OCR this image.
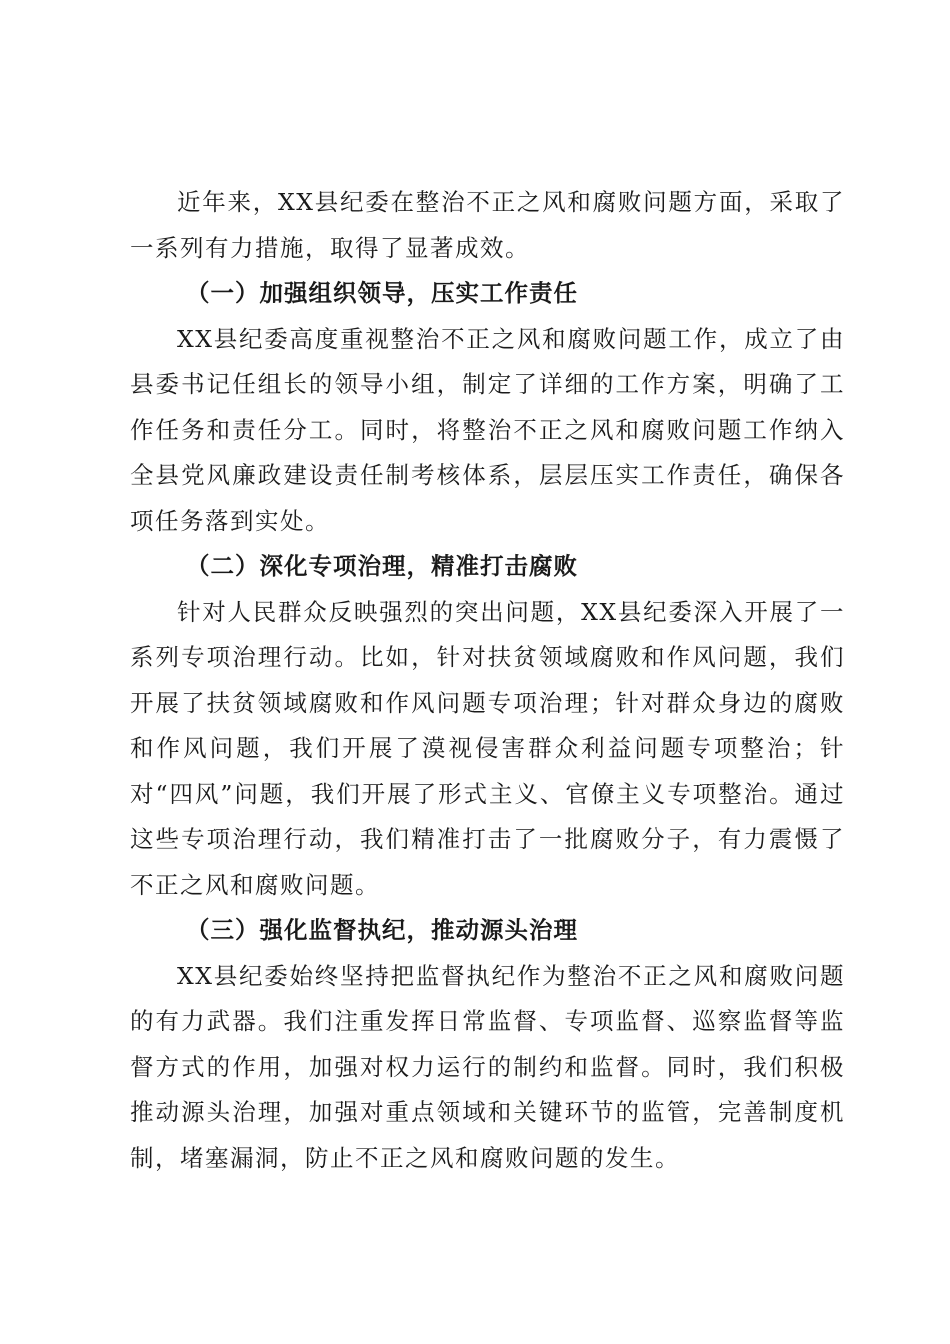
近年来，XX县纪委在整治不正之风和腐败问题方面，采取了一系列有力措施，取得了显著成效。

（一）加强组织领导，压实工作责任

XX县纪委高度重视整治不正之风和腐败问题工作，成立了由县委书记任组长的领导小组，制定了详细的工作方案，明确了工作任务和责任分工。同时，将整治不正之风和腐败问题工作纳入全县党风廉政建设责任制考核体系，层层压实工作责任，确保各项任务落到实处。

（二）深化专项治理，精准打击腐败

针对人民群众反映强烈的突出问题，XX县纪委深入开展了一系列专项治理行动。比如，针对扶贫领域腐败和作风问题，我们开展了扶贫领域腐败和作风问题专项治理；针对群众身边的腐败和作风问题，我们开展了漠视侵害群众利益问题专项整治；针对“四风”问题，我们开展了形式主义、官僚主义专项整治。通过这些专项治理行动，我们精准打击了一批腐败分子，有力震慑了不正之风和腐败问题。

（三）强化监督执纪，推动源头治理

XX县纪委始终坚持把监督执纪作为整治不正之风和腐败问题的有力武器。我们注重发挥日常监督、专项监督、巡察监督等监督方式的作用，加强对权力运行的制约和监督。同时，我们积极推动源头治理，加强对重点领域和关键环节的监管，完善制度机制，堵塞漏洞，防止不正之风和腐败问题的发生。
